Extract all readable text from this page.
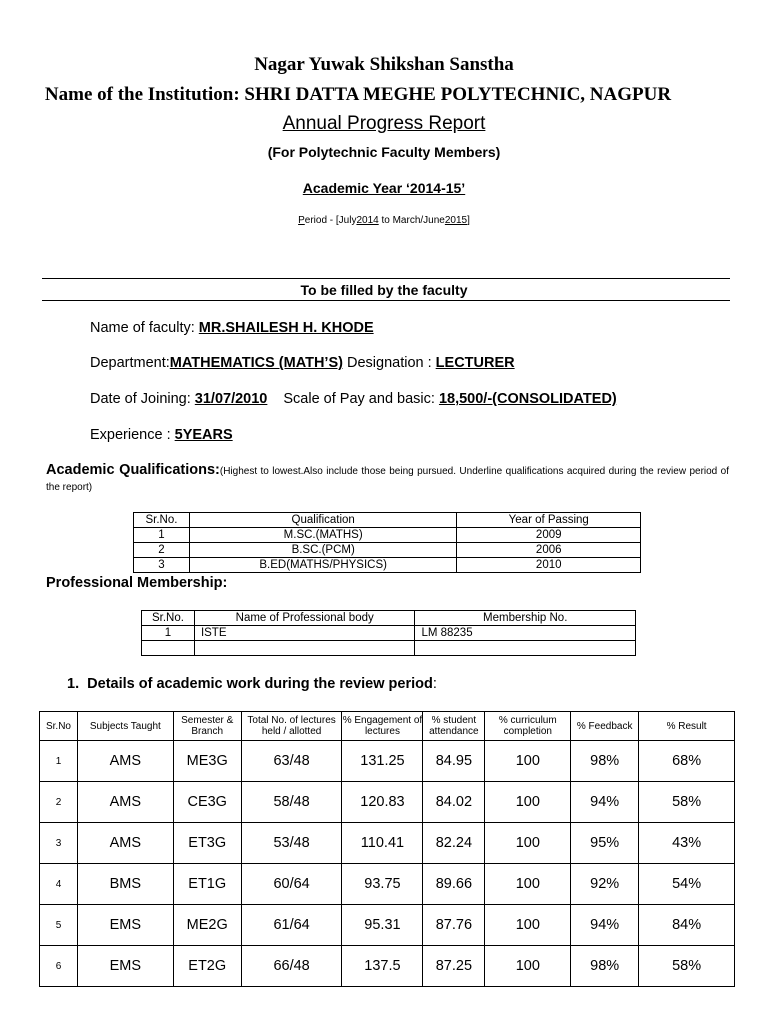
Nagar Yuwak Shikshan Sanstha
Name of the Institution: SHRI DATTA MEGHE POLYTECHNIC, NAGPUR
Annual Progress Report
(For Polytechnic Faculty Members)
Academic Year ‘2014-15’
Period - [July2014 to March/June2015]
To be filled by the faculty
Name of faculty: MR.SHAILESH H. KHODE
Department:MATHEMATICS (MATH’S) Designation : LECTURER
Date of Joining: 31/07/2010 Scale of Pay and basic: 18,500/-(CONSOLIDATED)
Experience : 5YEARS
Academic Qualifications:(Highest to lowest.Also include those being pursued. Underline qualifications acquired during the review period of the report)
Sr.No.	Qualification	Year of Passing
1	M.SC.(MATHS)	2009
2	B.SC.(PCM)	2006
3	B.ED(MATHS/PHYSICS)	2010
Professional Membership:
Sr.No.	Name of Professional body	Membership No.
1	ISTE	LM 88235

1. Details of academic work during the review period:
Sr.No	Subjects Taught	Semester & Branch	Total No. of lectures held / allotted	% Engagement of lectures	% student attendance	% curriculum completion	% Feedback	% Result
1	AMS	ME3G	63/48	131.25	84.95	100	98%	68%
2	AMS	CE3G	58/48	120.83	84.02	100	94%	58%
3	AMS	ET3G	53/48	110.41	82.24	100	95%	43%
4	BMS	ET1G	60/64	93.75	89.66	100	92%	54%
5	EMS	ME2G	61/64	95.31	87.76	100	94%	84%
6	EMS	ET2G	66/48	137.5	87.25	100	98%	58%
